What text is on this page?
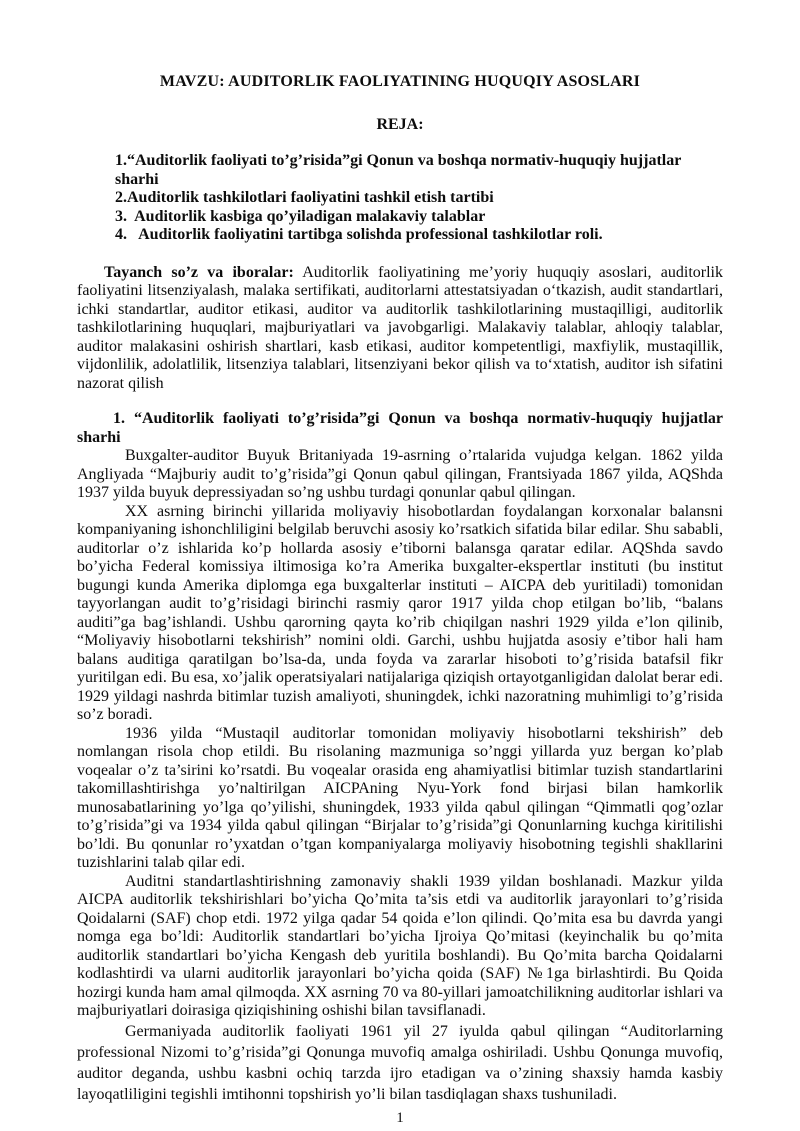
MAVZU: AUDITORLIK FAOLIYATINING HUQUQIY ASOSLARI
REJA:
1.“Auditorlik faoliyati to’g’risida”gi Qonun va boshqa normativ-huquqiy hujjatlar sharhi
2.Auditorlik tashkilotlari faoliyatini tashkil etish tartibi
3.  Auditorlik kasbiga qo’yiladigan malakaviy talablar
4.   Auditorlik faoliyatini tartibga solishda professional tashkilotlar roli.

Tayanch so’z va iboralar: Auditorlik faoliyatining me’yoriy huquqiy asoslari, auditorlik faoliyatini litsenziyalash, malaka sertifikati, auditorlarni attestatsiyadan oʻtkazish, audit standartlari, ichki standartlar, auditor etikasi, auditor va auditorlik tashkilotlarining mustaqilligi, auditorlik tashkilotlarining huquqlari, majburiyatlari va javobgarligi. Malakaviy talablar, ahloqiy talablar, auditor malakasini oshirish shartlari, kasb etikasi, auditor kompetentligi, maxfiylik, mustaqillik, vijdonlilik, adolatlilik, litsenziya talablari, litsenziyani bekor qilish va toʻxtatish, auditor ish sifatini nazorat qilish

1. “Auditorlik faoliyati to’g’risida”gi Qonun va boshqa normativ-huquqiy hujjatlar sharhi

Buxgalter-auditor Buyuk Britaniyada 19-asrning o’rtalarida vujudga kelgan. 1862 yilda Angliyada “Majburiy audit to’g’risida”gi Qonun qabul qilingan, Frantsiyada 1867 yilda, AQShda 1937 yilda buyuk depressiyadan so’ng ushbu turdagi qonunlar qabul qilingan.

XX asrning birinchi yillarida moliyaviy hisobotlardan foydalangan korxonalar balansni kompaniyaning ishonchliligini belgilab beruvchi asosiy ko’rsatkich sifatida bilar edilar. Shu sababli, auditorlar o’z ishlarida ko’p hollarda asosiy e’tiborni balansga qaratar edilar. AQShda savdo bo’yicha Federal komissiya iltimosiga ko’ra Amerika buxgalter-ekspertlar instituti (bu institut bugungi kunda Amerika diplomga ega buxgalterlar instituti – AICPA deb yuritiladi) tomonidan tayyorlangan audit to’g’risidagi birinchi rasmiy qaror 1917 yilda chop etilgan bo’lib, “balans auditi”ga bag’ishlandi. Ushbu qarorning qayta ko’rib chiqilgan nashri 1929 yilda e’lon qilinib, “Moliyaviy hisobotlarni tekshirish” nomini oldi. Garchi, ushbu hujjatda asosiy e’tibor hali ham balans auditiga qaratilgan bo’lsa-da, unda foyda va zararlar hisoboti to’g’risida batafsil fikr yuritilgan edi. Bu esa, xo’jalik operatsiyalari natijalariga qiziqish ortayotganligidan dalolat berar edi. 1929 yildagi nashrda bitimlar tuzish amaliyoti, shuningdek, ichki nazoratning muhimligi to’g’risida so’z boradi.

1936 yilda “Mustaqil auditorlar tomonidan moliyaviy hisobotlarni tekshirish” deb nomlangan risola chop etildi. Bu risolaning mazmuniga so’nggi yillarda yuz bergan ko’plab voqealar o’z ta’sirini ko’rsatdi. Bu voqealar orasida eng ahamiyatlisi bitimlar tuzish standartlarini takomillashtirishga yo’naltirilgan AICPAning Nyu-York fond birjasi bilan hamkorlik munosabatlarining yo’lga qo’yilishi, shuningdek, 1933 yilda qabul qilingan “Qimmatli qog’ozlar to’g’risida”gi va 1934 yilda qabul qilingan “Birjalar to’g’risida”gi Qonunlarning kuchga kiritilishi bo’ldi. Bu qonunlar ro’yxatdan o’tgan kompaniyalarga moliyaviy hisobotning tegishli shakllarini tuzishlarini talab qilar edi.

Auditni standartlashtirishning zamonaviy shakli 1939 yildan boshlanadi. Mazkur yilda AICPA auditorlik tekshirishlari bo’yicha Qo’mita ta’sis etdi va auditorlik jarayonlari to’g’risida Qoidalarni (SAF) chop etdi. 1972 yilga qadar 54 qoida e’lon qilindi. Qo’mita esa bu davrda yangi nomga ega bo’ldi: Auditorlik standartlari bo’yicha Ijroiya Qo’mitasi (keyinchalik bu qo’mita auditorlik standartlari bo’yicha Kengash deb yuritila boshlandi). Bu Qo’mita barcha Qoidalarni kodlashtirdi va ularni auditorlik jarayonlari bo’yicha qoida (SAF) №1ga birlashtirdi. Bu Qoida hozirgi kunda ham amal qilmoqda. XX asrning 70 va 80-yillari jamoatchilikning auditorlar ishlari va majburiyatlari doirasiga qiziqishining oshishi bilan tavsiflanadi.

Germaniyada auditorlik faoliyati 1961 yil 27 iyulda qabul qilingan “Auditorlarning professional Nizomi to’g’risida”gi Qonunga muvofiq amalga oshiriladi. Ushbu Qonunga muvofiq, auditor deganda, ushbu kasbni ochiq tarzda ijro etadigan va o’zining shaxsiy hamda kasbiy layoqatliligini tegishli imtihonni topshirish yo’li bilan tasdiqlagan shaxs tushuniladi.

1
